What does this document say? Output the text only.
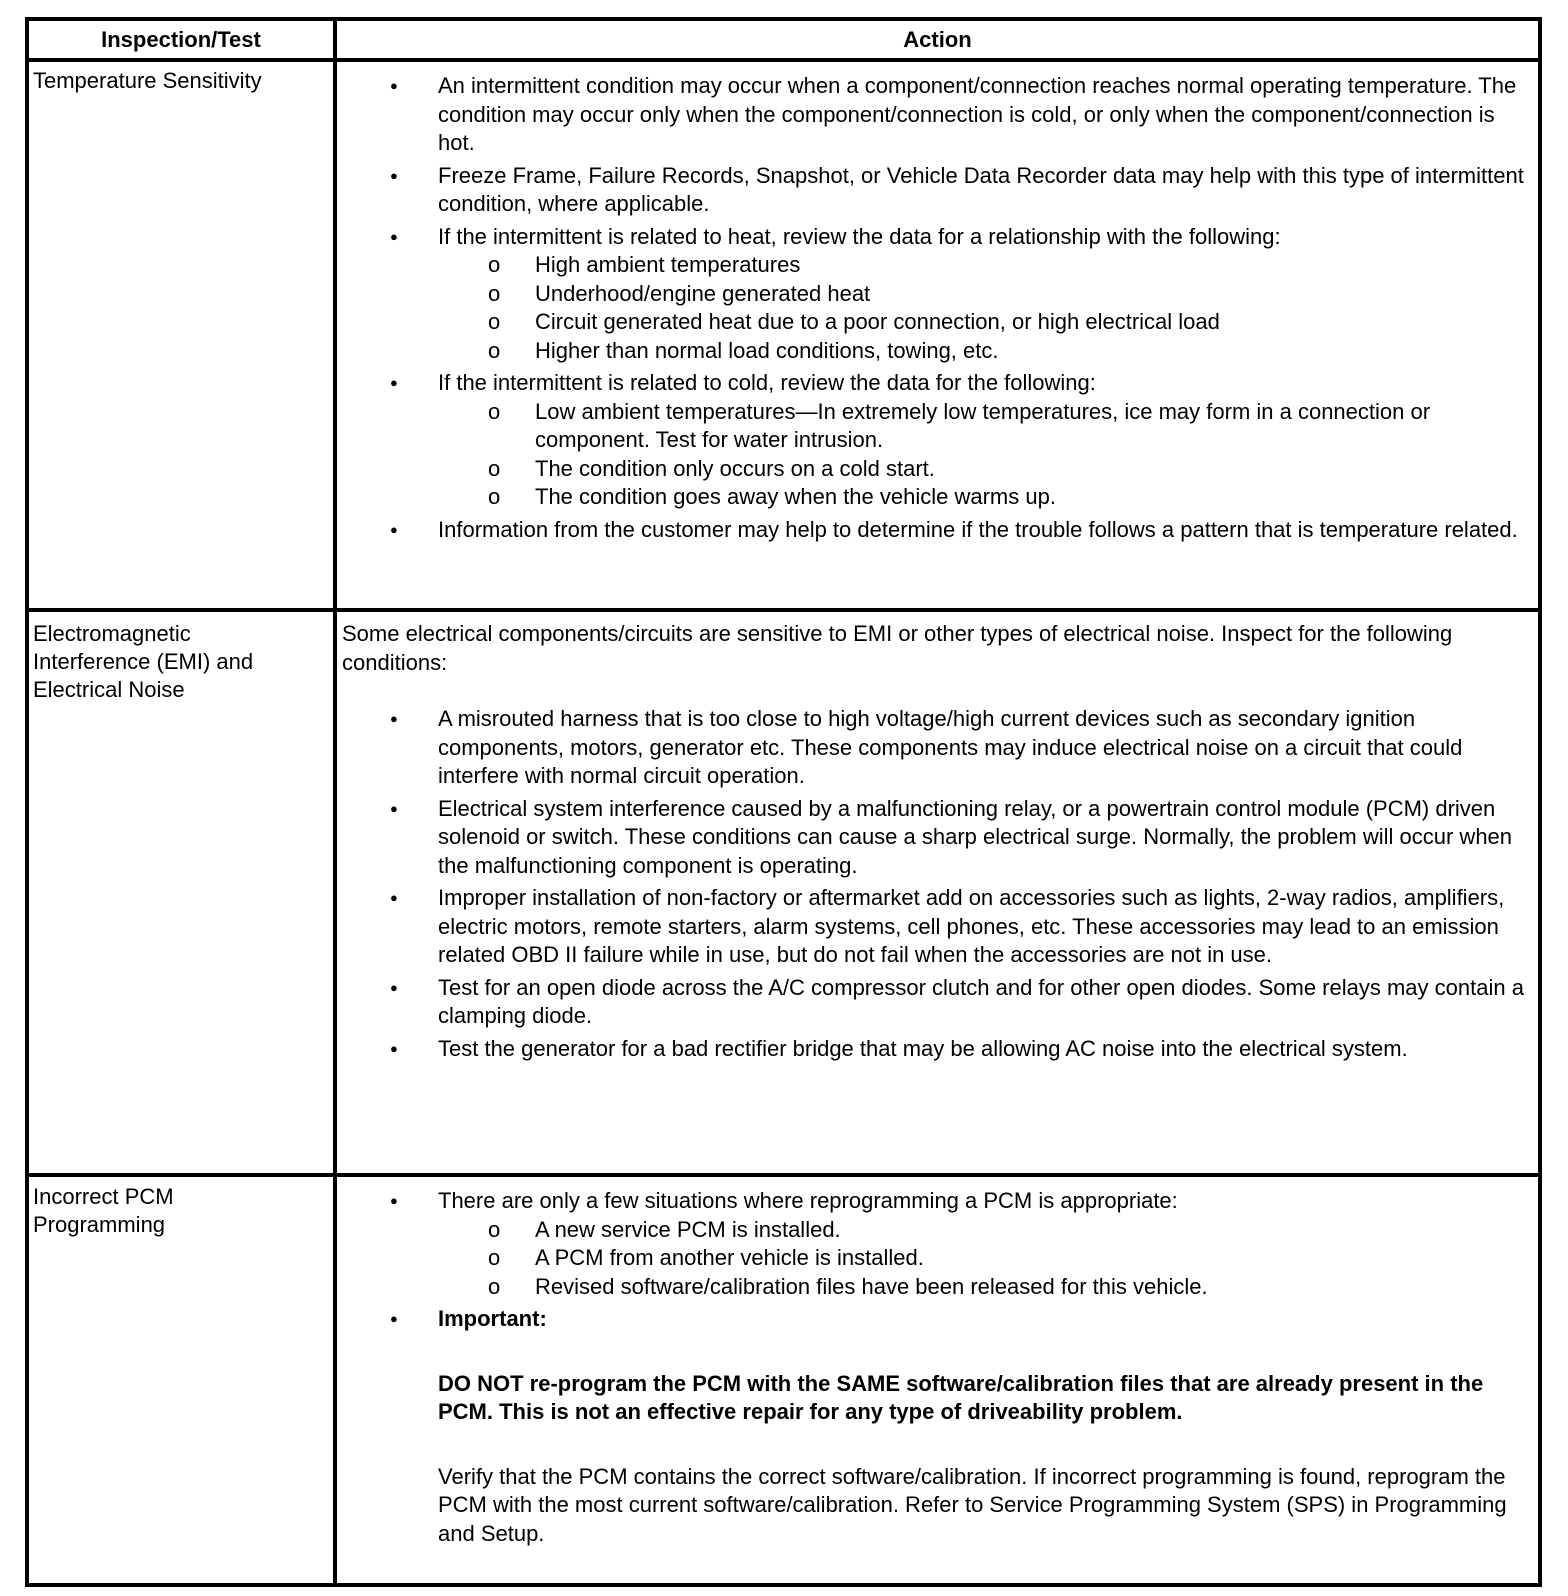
Inspection/Test	Action
Temperature Sensitivity
●	An intermittent condition may occur when a component/connection reaches normal operating temperature. The condition may occur only when the component/connection is cold, or only when the component/connection is hot.
● Freeze Frame, Failure Records, Snapshot, or Vehicle Data Recorder data may help with this type of intermittent condition, where applicable.
● If the intermittent is related to heat, review the data for a relationship with the following:
o High ambient temperatures
o Underhood/engine generated heat
o Circuit generated heat due to a poor connection, or high electrical load
o Higher than normal load conditions, towing, etc.
● If the intermittent is related to cold, review the data for the following:
o Low ambient temperatures—In extremely low temperatures, ice may form in a connection or component. Test for water intrusion.
o The condition only occurs on a cold start.
o The condition goes away when the vehicle warms up.
● Information from the customer may help to determine if the trouble follows a pattern that is temperature related.
Electromagnetic Interference (EMI) and Electrical Noise
Some electrical components/circuits are sensitive to EMI or other types of electrical noise. Inspect for the following conditions:
● A misrouted harness that is too close to high voltage/high current devices such as secondary ignition components, motors, generator etc. These components may induce electrical noise on a circuit that could interfere with normal circuit operation.
● Electrical system interference caused by a malfunctioning relay, or a powertrain control module (PCM) driven solenoid or switch. These conditions can cause a sharp electrical surge. Normally, the problem will occur when the malfunctioning component is operating.
● Improper installation of non-factory or aftermarket add on accessories such as lights, 2-way radios, amplifiers, electric motors, remote starters, alarm systems, cell phones, etc. These accessories may lead to an emission related OBD II failure while in use, but do not fail when the accessories are not in use.
● Test for an open diode across the A/C compressor clutch and for other open diodes. Some relays may contain a clamping diode.
● Test the generator for a bad rectifier bridge that may be allowing AC noise into the electrical system.
Incorrect PCM Programming
● There are only a few situations where reprogramming a PCM is appropriate:
o A new service PCM is installed.
o A PCM from another vehicle is installed.
o Revised software/calibration files have been released for this vehicle.
● Important:
DO NOT re-program the PCM with the SAME software/calibration files that are already present in the PCM. This is not an effective repair for any type of driveability problem.
Verify that the PCM contains the correct software/calibration. If incorrect programming is found, reprogram the PCM with the most current software/calibration. Refer to Service Programming System (SPS) in Programming and Setup.
